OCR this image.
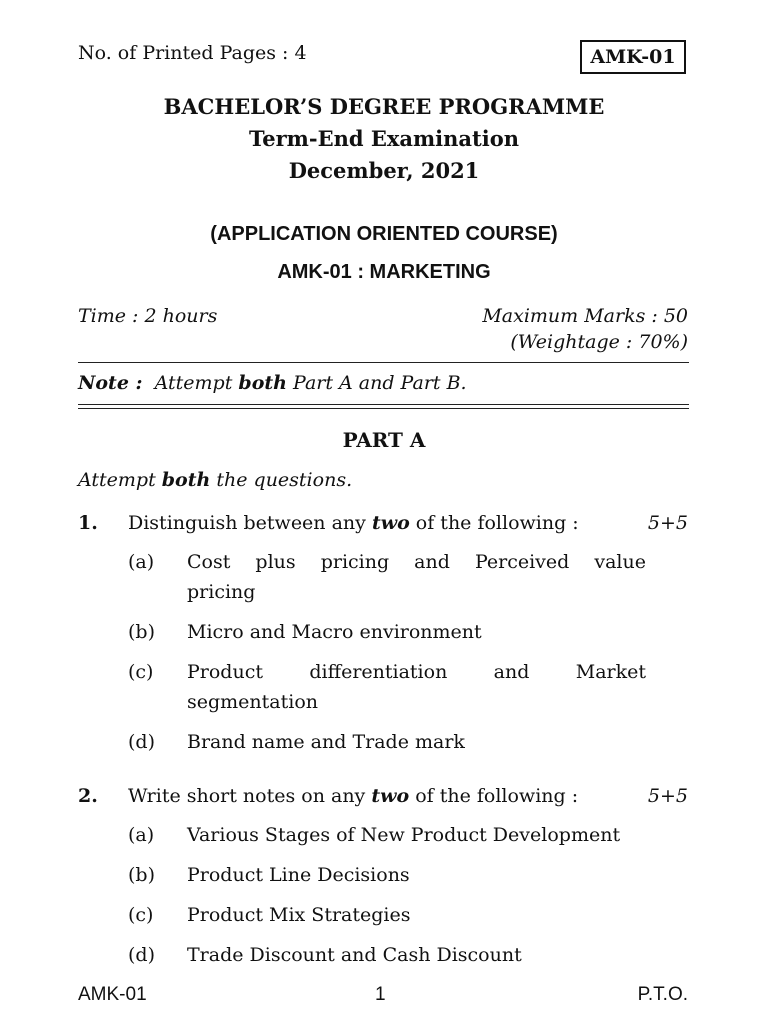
No. of Printed Pages : 4	AMK-01

BACHELOR’S DEGREE PROGRAMME

Term-End Examination

December, 2021

(APPLICATION ORIENTED COURSE)

AMK-01 : MARKETING

Time : 2 hours	Maximum Marks : 50

(Weightage : 70%)

Note : Attempt both Part A and Part B.

PART A

Attempt both the questions.

1. Distinguish between any two of the following :	5+5
(a) Cost plus pricing and Perceived value
pricing
(b) Micro and Macro environment
(c) Product differentiation and Market
segmentation
(d) Brand name and Trade mark
2. Write short notes on any two of the following :	5+5
(a) Various Stages of New Product Development
(b) Product Line Decisions
(c) Product Mix Strategies
(d) Trade Discount and Cash Discount

AMK-01	1	P.T.O.
